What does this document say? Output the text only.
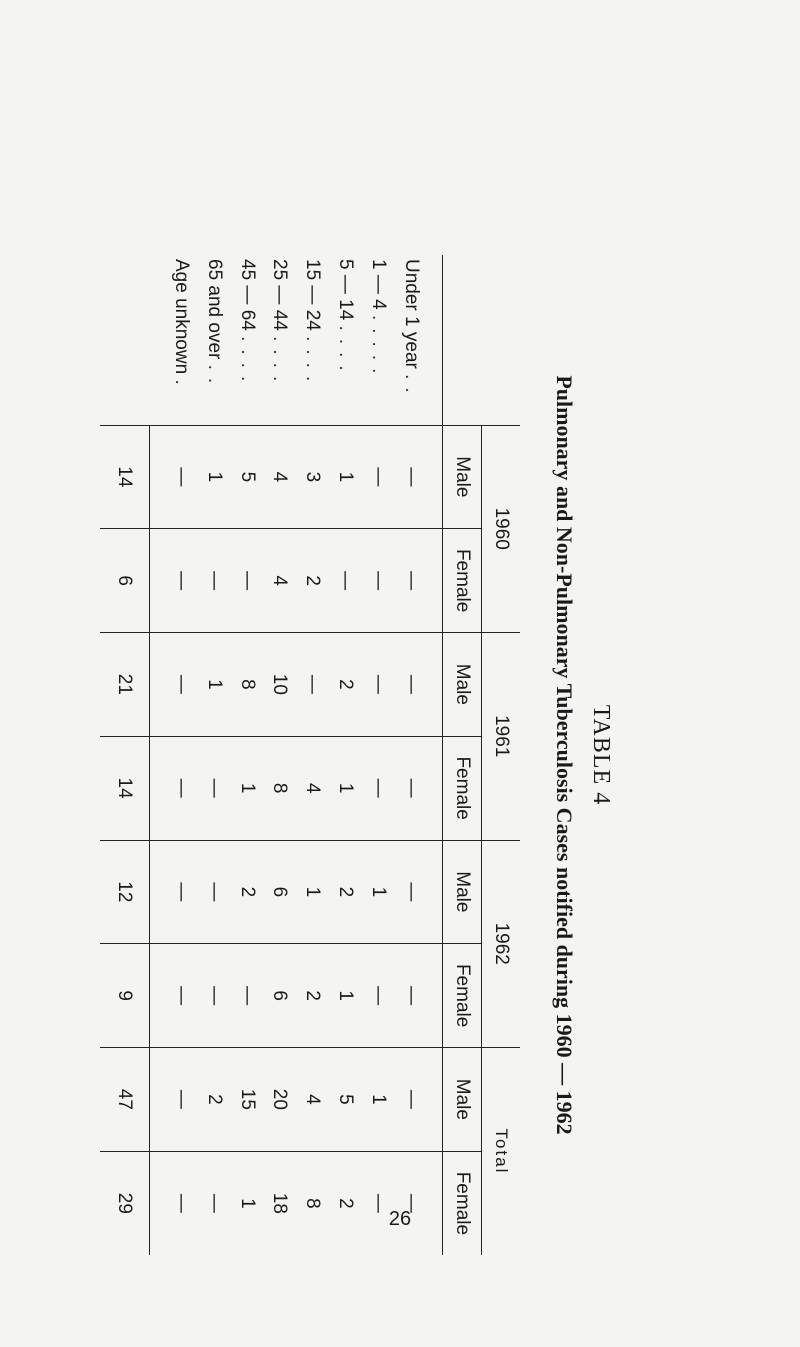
TABLE 4
Pulmonary and Non-Pulmonary Tuberculosis Cases notified during 1960 — 1962
	1960		1961		1962		Total	
	Male	Female	Male	Female	Male	Female	Male	Female

Under 1 year ..	—	—	—	—	—	—	—	—
1 — 4 .....	—	—	—	—	1	—	1	—
5 — 14 ....	1	—	2	1	2	1	5	2
15 — 24 ....	3	2	—	4	1	2	4	8
25 — 44 ....	4	4	10	8	6	6	20	18
45 — 64 ....	5	—	8	1	2	—	15	1
65 and over ..	1	—	1	—	—	—	2	—
Age unknown .	—	—	—	—	—	—	—	—

	14	6	21	14	12	9	47	29
26
